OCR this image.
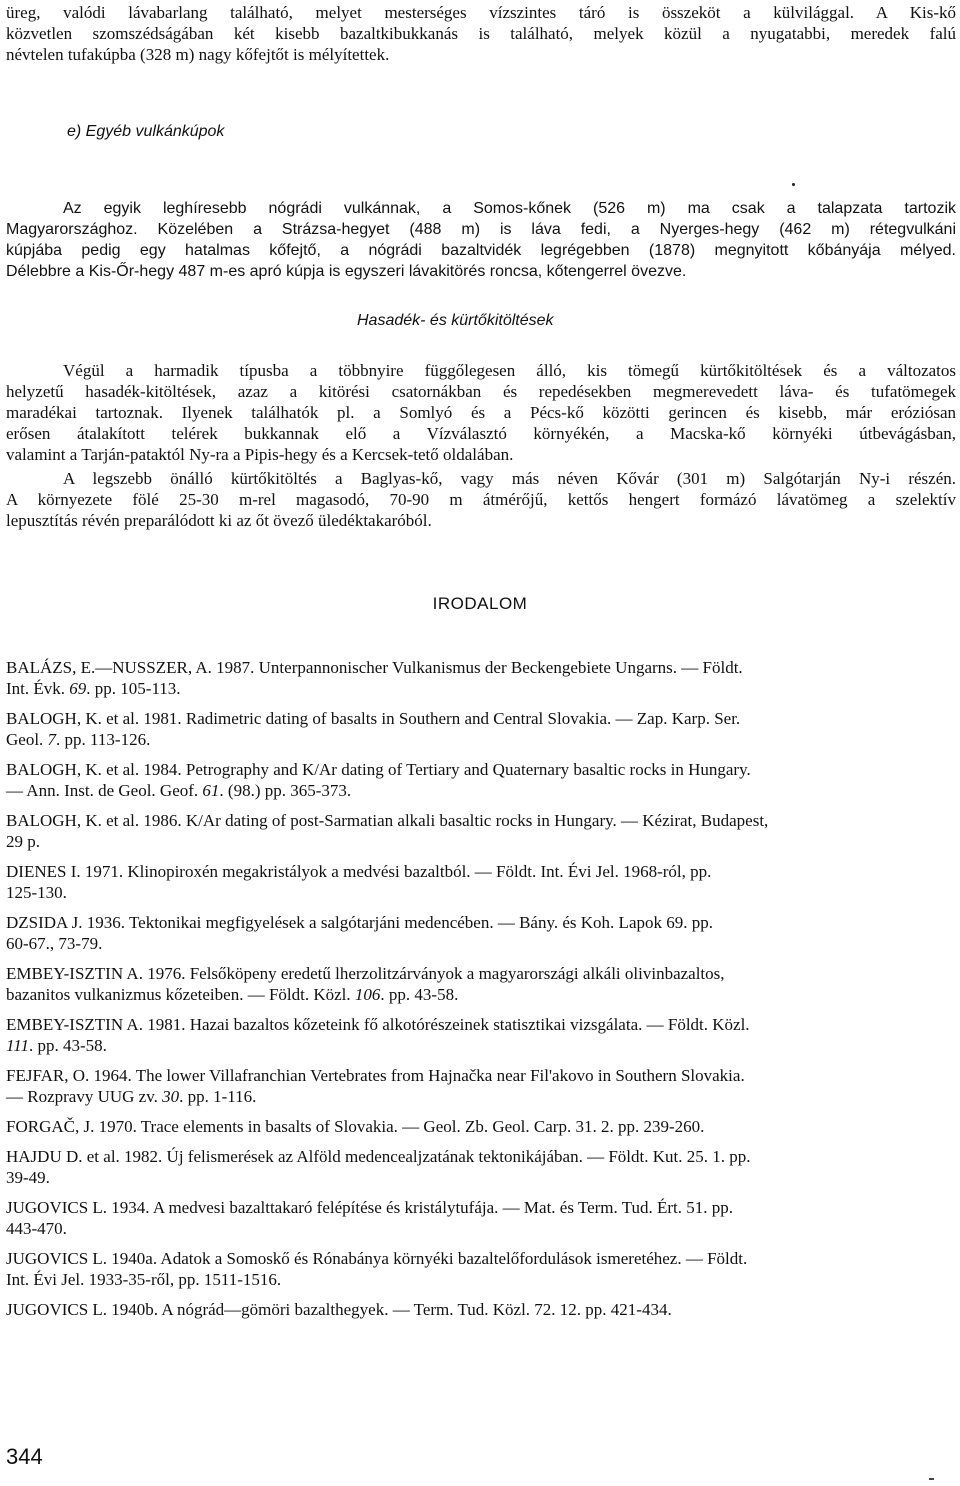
üreg, valódi lávabarlang található, melyet mesterséges vízszintes táró is összeköt a külvilággal. A Kis-kő
közvetlen szomszédságában két kisebb bazaltkibukkanás is található, melyek közül a nyugatabbi, meredek falú
névtelen tufakúpba (328 m) nagy kőfejtőt is mélyítettek.

e) Egyéb vulkánkúpok

Az egyik leghíresebb nógrádi vulkánnak, a Somos-kőnek (526 m) ma csak a talapzata tartozik
Magyarországhoz. Közelében a Strázsa-hegyet (488 m) is láva fedi, a Nyerges-hegy (462 m) rétegvulkáni
kúpjába pedig egy hatalmas kőfejtő, a nógrádi bazaltvidék legrégebben (1878) megnyitott kőbányája mélyed.
Délebbre a Kis-Őr-hegy 487 m-es apró kúpja is egyszeri lávakitörés roncsa, kőtengerrel övezve.

Hasadék- és kürtőkitöltések

Végül a harmadik típusba a többnyire függőlegesen álló, kis tömegű kürtőkitöltések és a változatos
helyzetű hasadék-kitöltések, azaz a kitörési csatornákban és repedésekben megmerevedett láva- és tufatömegek
maradékai tartoznak. Ilyenek találhatók pl. a Somlyó és a Pécs-kő közötti gerincen és kisebb, már eróziósan
erősen átalakított telérek bukkannak elő a Vízválasztó környékén, a Macska-kő környéki útbevágásban,
valamint a Tarján-pataktól Ny-ra a Pipis-hegy és a Kercsek-tető oldalában.

A legszebb önálló kürtőkitöltés a Baglyas-kő, vagy más néven Kővár (301 m) Salgótarján Ny-i részén.
A környezete fölé 25-30 m-rel magasodó, 70-90 m átmérőjű, kettős hengert formázó lávatömeg a szelektív
lepusztítás révén preparálódott ki az őt övező üledéktakaróból.

IRODALOM
BALÁZS, E.—NUSSZER, A. 1987. Unterpannonischer Vulkanismus der Beckengebiete Ungarns. — Földt.
Int. Évk. 69. pp. 105-113.
BALOGH, K. et al. 1981. Radimetric dating of basalts in Southern and Central Slovakia. — Zap. Karp. Ser.
Geol. 7. pp. 113-126.
BALOGH, K. et al. 1984. Petrography and K/Ar dating of Tertiary and Quaternary basaltic rocks in Hungary.
— Ann. Inst. de Geol. Geof. 61. (98.) pp. 365-373.
BALOGH, K. et al. 1986. K/Ar dating of post-Sarmatian alkali basaltic rocks in Hungary. — Kézirat, Budapest,
29 p.
DIENES I. 1971. Klinopiroxén megakristályok a medvési bazaltból. — Földt. Int. Évi Jel. 1968-ról, pp.
125-130.
DZSIDA J. 1936. Tektonikai megfigyelések a salgótarjáni medencében. — Bány. és Koh. Lapok 69. pp.
60-67., 73-79.
EMBEY-ISZTIN A. 1976. Felsőköpeny eredetű lherzolitzárványok a magyarországi alkáli olivinbazaltos,
bazanitos vulkanizmus kőzeteiben. — Földt. Közl. 106. pp. 43-58.
EMBEY-ISZTIN A. 1981. Hazai bazaltos kőzeteink fő alkotórészeinek statisztikai vizsgálata. — Földt. Közl.
111. pp. 43-58.
FEJFAR, O. 1964. The lower Villafranchian Vertebrates from Hajnačka near Fil'akovo in Southern Slovakia.
— Rozpravy UUG zv. 30. pp. 1-116.
FORGAČ, J. 1970. Trace elements in basalts of Slovakia. — Geol. Zb. Geol. Carp. 31. 2. pp. 239-260.
HAJDU D. et al. 1982. Új felismerések az Alföld medencealjzatának tektonikájában. — Földt. Kut. 25. 1. pp.
39-49.
JUGOVICS L. 1934. A medvesi bazalttakaró felépítése és kristálytufája. — Mat. és Term. Tud. Ért. 51. pp.
443-470.
JUGOVICS L. 1940a. Adatok a Somoskő és Rónabánya környéki bazaltelőfordulások ismeretéhez. — Földt.
Int. Évi Jel. 1933-35-ről, pp. 1511-1516.
JUGOVICS L. 1940b. A nógrád—gömöri bazalthegyek. — Term. Tud. Közl. 72. 12. pp. 421-434.

344
